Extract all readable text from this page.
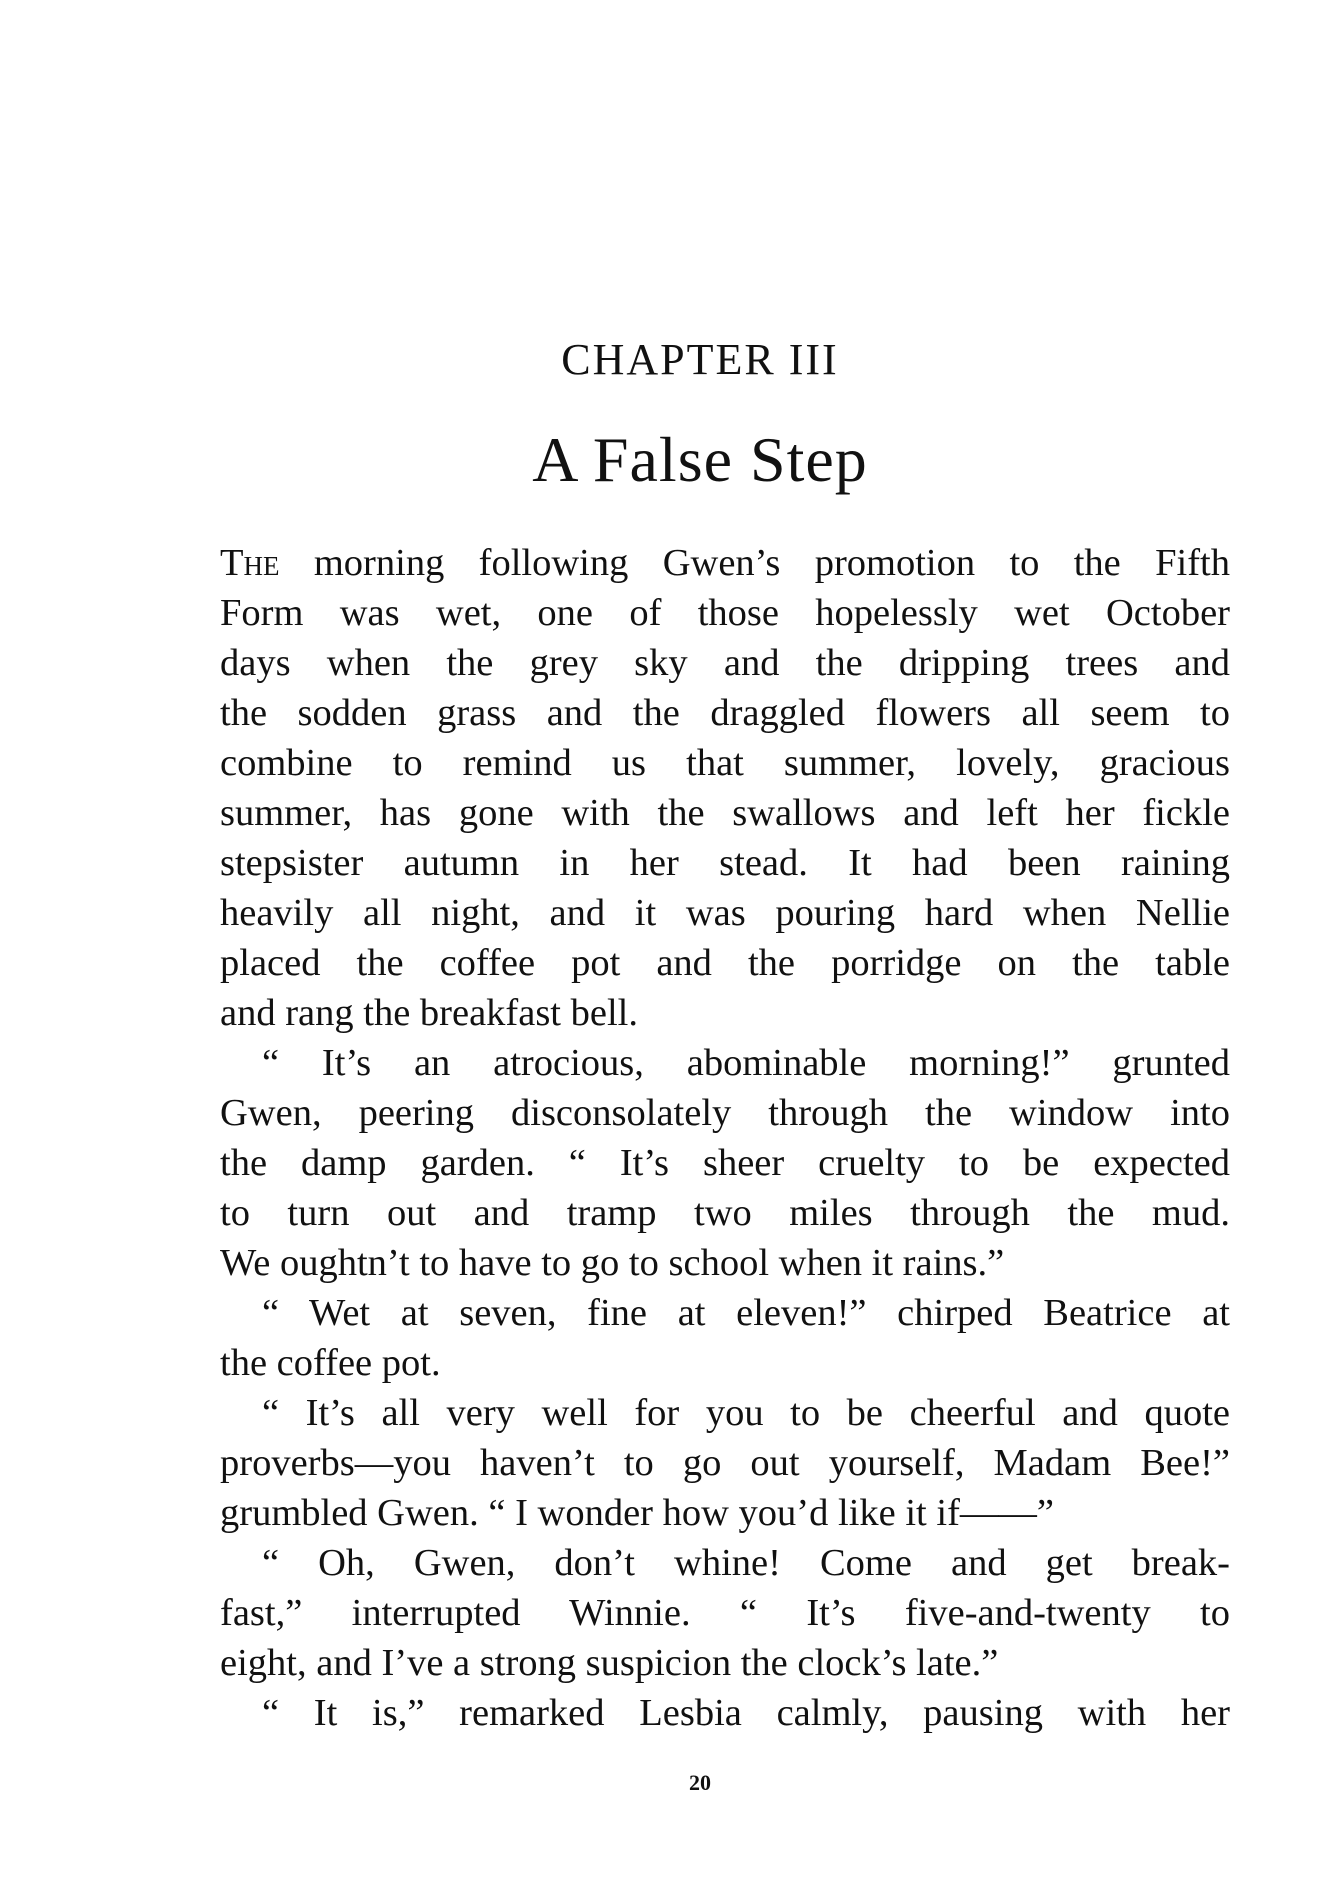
CHAPTER III
A False Step
The morning following Gwen’s promotion to the Fifth
Form was wet, one of those hopelessly wet October
days when the grey sky and the dripping trees and
the sodden grass and the draggled flowers all seem to
combine to remind us that summer, lovely, gracious
summer, has gone with the swallows and left her fickle
stepsister autumn in her stead. It had been raining
heavily all night, and it was pouring hard when Nellie
placed the coffee pot and the porridge on the table
and rang the breakfast bell.
“ It’s an atrocious, abominable morning!” grunted
Gwen, peering disconsolately through the window into
the damp garden. “ It’s sheer cruelty to be expected
to turn out and tramp two miles through the mud.
We oughtn’t to have to go to school when it rains.”
“ Wet at seven, fine at eleven!” chirped Beatrice at
the coffee pot.
“ It’s all very well for you to be cheerful and quote
proverbs—you haven’t to go out yourself, Madam Bee!”
grumbled Gwen. “ I wonder how you’d like it if——”
“ Oh, Gwen, don’t whine! Come and get break-
fast,” interrupted Winnie. “ It’s five-and-twenty to
eight, and I’ve a strong suspicion the clock’s late.”
“ It is,” remarked Lesbia calmly, pausing with her
20
